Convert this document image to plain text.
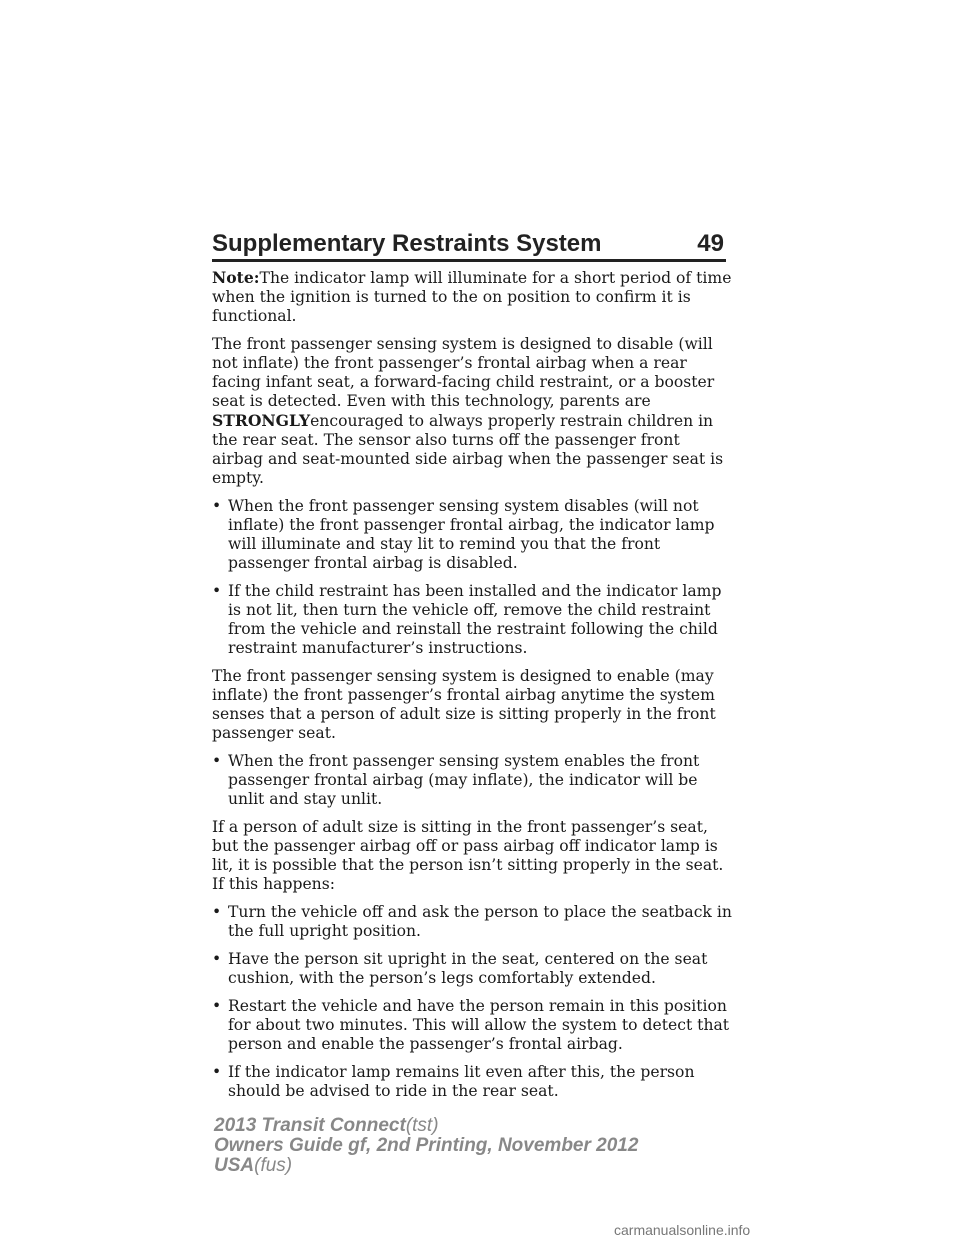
Supplementary Restraints System	49

Note:The indicator lamp will illuminate for a short period of time when the ignition is turned to the on position to confirm it is functional.

The front passenger sensing system is designed to disable (will not inflate) the front passenger’s frontal airbag when a rear facing infant seat, a forward-facing child restraint, or a booster seat is detected. Even with this technology, parents are STRONGLYencouraged to always properly restrain children in the rear seat. The sensor also turns off the passenger front airbag and seat-mounted side airbag when the passenger seat is empty.

• When the front passenger sensing system disables (will not inflate) the front passenger frontal airbag, the indicator lamp will illuminate and stay lit to remind you that the front passenger frontal airbag is disabled.
• If the child restraint has been installed and the indicator lamp is not lit, then turn the vehicle off, remove the child restraint from the vehicle and reinstall the restraint following the child restraint manufacturer’s instructions.

The front passenger sensing system is designed to enable (may inflate) the front passenger’s frontal airbag anytime the system senses that a person of adult size is sitting properly in the front passenger seat.

• When the front passenger sensing system enables the front passenger frontal airbag (may inflate), the indicator will be unlit and stay unlit.

If a person of adult size is sitting in the front passenger’s seat, but the passenger airbag off or pass airbag off indicator lamp is lit, it is possible that the person isn’t sitting properly in the seat. If this happens:

• Turn the vehicle off and ask the person to place the seatback in the full upright position.
• Have the person sit upright in the seat, centered on the seat cushion, with the person’s legs comfortably extended.
• Restart the vehicle and have the person remain in this position for about two minutes. This will allow the system to detect that person and enable the passenger’s frontal airbag.
• If the indicator lamp remains lit even after this, the person should be advised to ride in the rear seat.
2013 Transit Connect(tst)
Owners Guide gf, 2nd Printing, November 2012
USA(fus)
carmanualsonline.info
